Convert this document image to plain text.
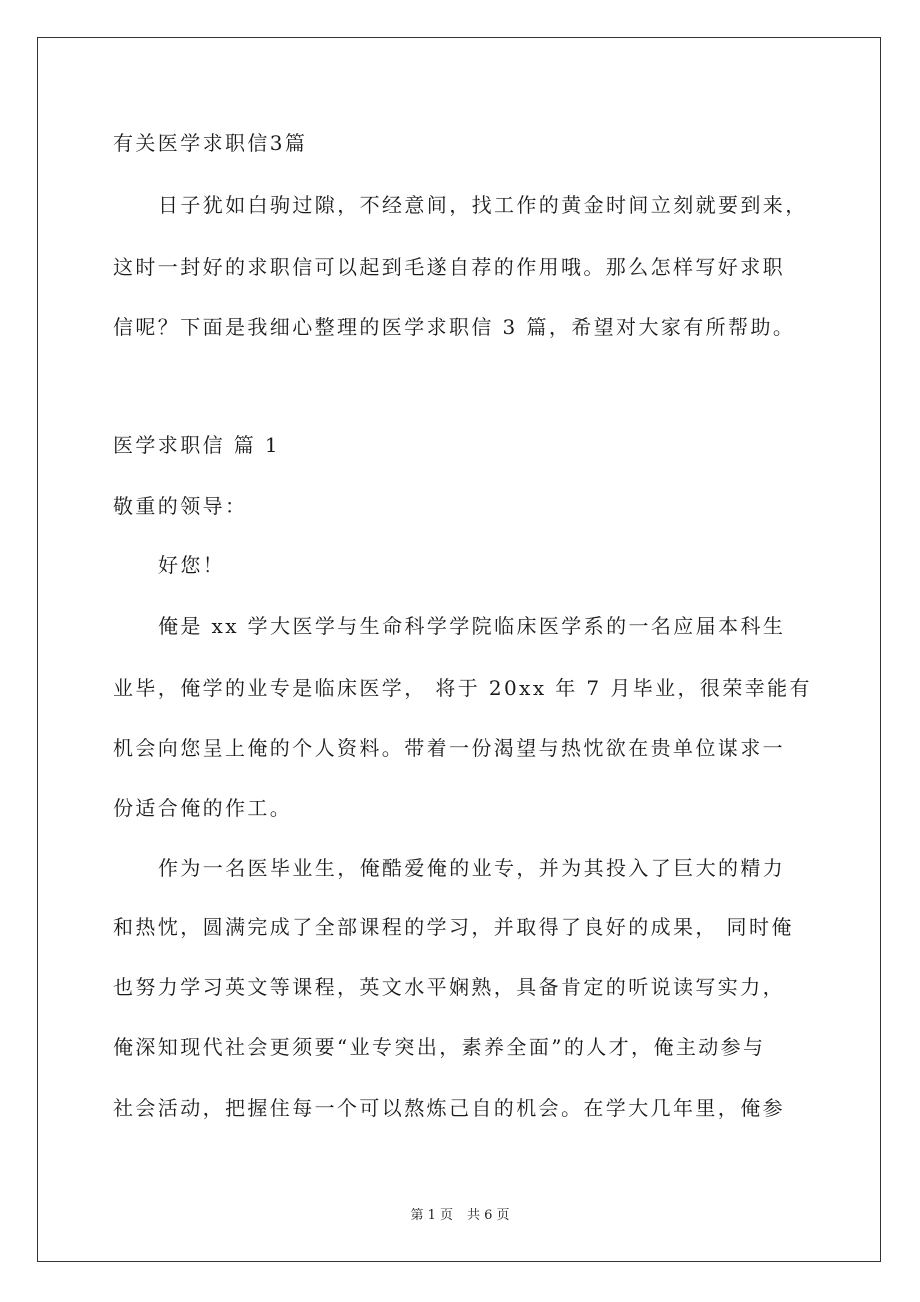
有关医学求职信3篇
日子犹如白驹过隙，不经意间，找工作的黄金时间立刻就要到来，
这时一封好的求职信可以起到毛遂自荐的作用哦。那么怎样写好求职
信呢？下面是我细心整理的医学求职信 3 篇，希望对大家有所帮助。
医学求职信 篇 1
敬重的领导：
好您！
俺是 xx 学大医学与生命科学学院临床医学系的一名应届本科生
业毕，俺学的业专是临床医学， 将于 20xx 年 7 月毕业，很荣幸能有
机会向您呈上俺的个人资料。带着一份渴望与热忱欲在贵单位谋求一
份适合俺的作工。
作为一名医毕业生，俺酷爱俺的业专，并为其投入了巨大的精力
和热忱，圆满完成了全部课程的学习，并取得了良好的成果， 同时俺
也努力学习英文等课程，英文水平娴熟，具备肯定的听说读写实力，
俺深知现代社会更须要“业专突出，素养全面”的人才，俺主动参与
社会活动，把握住每一个可以熬炼己自的机会。在学大几年里，俺参
第 1 页 共 6 页
